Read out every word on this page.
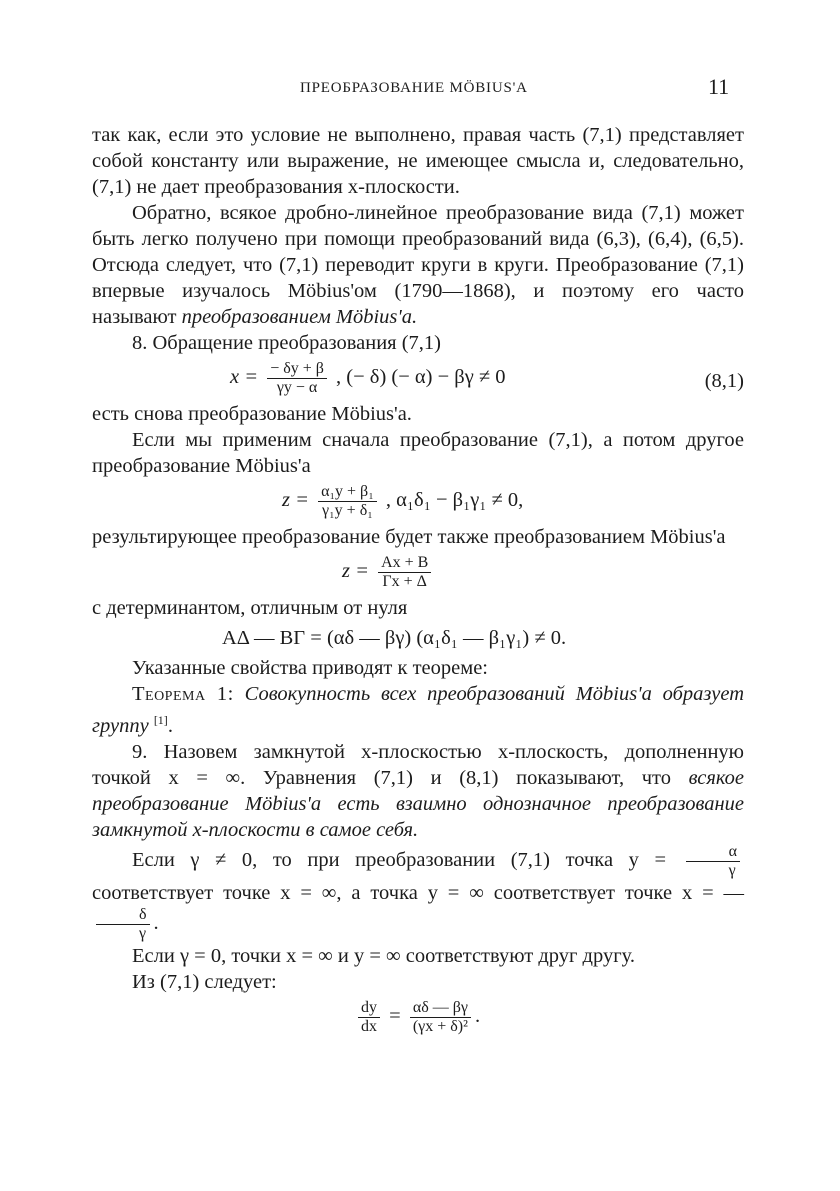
ПРЕОБРАЗОВАНИЕ MÖBIUS'A	11

так как, если это условие не выполнено, правая часть (7,1) представляет собой константу или выражение, не имеющее смысла и, следовательно, (7,1) не дает преобразования x-плоскости.

Обратно, всякое дробно-линейное преобразование вида (7,1) может быть легко получено при помощи преобразований вида (6,3), (6,4), (6,5). Отсюда следует, что (7,1) переводит круги в круги. Преобразование (7,1) впервые изучалось Möbius'ом (1790—1868), и поэтому его часто называют преобразованием Möbius'a.

8. Обращение преобразования (7,1)

$x = \frac{- \delta y + \beta}{\gamma y - \alpha}$ , (− δ) (− α) − βγ ≠ 0	(8,1)

есть снова преобразование Möbius'a.

Если мы применим сначала преобразование (7,1), а потом другое преобразование Möbius'a

$z = \frac{\text{α₁y + β₁}}{\text{γ₁y + δ₁}}$ , α₁δ₁ − β₁γ₁ ≠ 0,

результирующее преобразование будет также преобразованием Möbius'a

$z = \frac{Ax + B}{\Gamma x + \Delta}$

с детерминантом, отличным от нуля

AΔ — BΓ = (αδ — βγ) (α₁δ₁ — β₁γ₁) ≠ 0.

Указанные свойства приводят к теореме:

Теорема 1: Совокупность всех преобразований Möbius'a образует группу [1].

9. Назовем замкнутой x-плоскостью x-плоскость, дополненную точкой x = ∞. Уравнения (7,1) и (8,1) показывают, что всякое преобразование Möbius'a есть взаимно однозначное преобразование замкнутой x-плоскости в самое себя.

Если γ ≠ 0, то при преобразовании (7,1) точка $y = \frac{\alpha}{\gamma}$
соответствует точке x = ∞, а точка y = ∞ соответствует точке x = —
$\frac{\delta}{\gamma}$ .

Если γ = 0, точки x = ∞ и y = ∞ соответствуют друг другу.

Из (7,1) следует:

$\frac{dy}{dx} = \frac{\alpha\delta — \beta\gamma}{\text{(γx + δ)²}}$ .
